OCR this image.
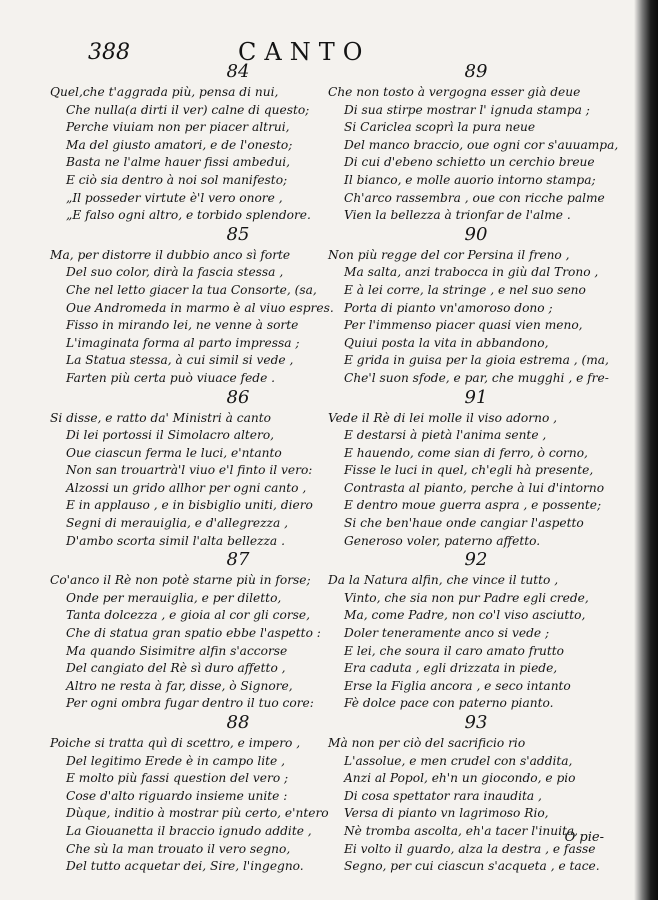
388	CANTO
84
Quel,che t'aggrada più, pensa di nui,
Che nulla(a dirti il ver) calne di questo;
Perche viuiam non per piacer altrui,
Ma del giusto amatori, e de l'onesto;
Basta ne l'alme hauer fissi ambedui,
E ciò sia dentro à noi sol manifesto;
„Il posseder virtute è'l vero onore ,
„E falso ogni altro, e torbido splendore.
85
Ma, per distorre il dubbio anco sì forte
Del suo color, dirà la fascia stessa ,
Che nel letto giacer la tua Consorte, (sa,
Oue Andromeda in marmo è al viuo espres.
Fisso in mirando lei, ne venne à sorte
L'imaginata forma al parto impressa ;
La Statua stessa, à cui simil si vede ,
Farten più certa può viuace fede .
86
Si disse, e ratto da' Ministri à canto
Di lei portossi il Simolacro altero,
Oue ciascun ferma le luci, e'ntanto
Non san trouartrà'l viuo e'l finto il vero:
Alzossi un grido allhor per ogni canto ,
E in applauso , e in bisbiglio uniti, diero
Segni di merauiglia, e d'allegrezza ,
D'ambo scorta simil l'alta bellezza .
87
Co'anco il Rè non potè starne più in forse;
Onde per merauiglia, e per diletto,
Tanta dolcezza , e gioia al cor gli corse,
Che di statua gran spatio ebbe l'aspetto :
Ma quando Sisimitre alfin s'accorse
Del cangiato del Rè sì duro affetto ,
Altro ne resta à far, disse, ò Signore,
Per ogni ombra fugar dentro il tuo core:
88
Poiche si tratta quì di scettro, e impero ,
Del legitimo Erede è in campo lite ,
E molto più fassi question del vero ;
Cose d'alto riguardo insieme unite :
Dùque, inditio à mostrar più certo, e'ntero
La Giouanetta il braccio ignudo addite ,
Che sù la man trouato il vero segno,
Del tutto acquetar dei, Sire, l'ingegno.
89
Che non tosto à vergogna esser già deue
Di sua stirpe mostrar l' ignuda stampa ;
Si Cariclea scoprì la pura neue
Del manco braccio, oue ogni cor s'auuampa,
Di cui d'ebeno schietto un cerchio breue
Il bianco, e molle auorio intorno stampa;
Ch'arco rassembra , oue con ricche palme
Vien la bellezza à trionfar de l'alme .
90
Non più regge del cor Persina il freno ,
Ma salta, anzi trabocca in giù dal Trono ,
E à lei corre, la stringe , e nel suo seno
Porta di pianto vn'amoroso dono ;
Per l'immenso piacer quasi vien meno,
Quiui posta la vita in abbandono,
E grida in guisa per la gioia estrema , (ma,
Che'l suon sfode, e par, che mugghi , e fre-
91
Vede il Rè di lei molle il viso adorno ,
E destarsi à pietà l'anima sente ,
E hauendo, come sian di ferro, ò corno,
Fisse le luci in quel, ch'egli hà presente,
Contrasta al pianto, perche à lui d'intorno
E dentro moue guerra aspra , e possente;
Si che ben'haue onde cangiar l'aspetto
Generoso voler, paterno affetto.
92
Da la Natura alfin, che vince il tutto ,
Vinto, che sia non pur Padre egli crede,
Ma, come Padre, non co'l viso asciutto,
Doler teneramente anco si vede ;
E lei, che soura il caro amato frutto
Era caduta , egli drizzata in piede,
Erse la Figlia ancora , e seco intanto
Fè dolce pace con paterno pianto.
93
Mà non per ciò del sacrificio rio
L'assolue, e men crudel con s'addita,
Anzi al Popol, eh'n un giocondo, e pio
Di cosa spettator rara inaudita ,
Versa di pianto vn lagrimoso Rio,
Nè tromba ascolta, eh'a tacer l'inuita,
Ei volto il guardo, alza la destra , e fasse
Segno, per cui ciascun s'acqueta , e tace.
O pie-
